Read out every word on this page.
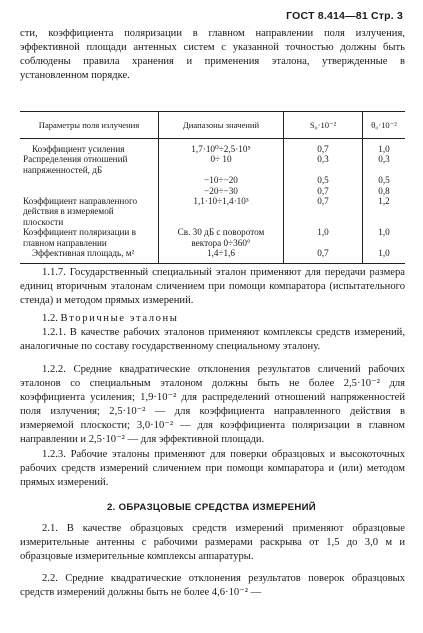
ГОСТ 8.414—81 Стр. 3

сти, коэффициента поляризации в главном направлении поля излучения, эффективной площади антенных систем с указанной точностью должны быть соблюдены правила хранения и применения эталона, утвержденные в установленном порядке.

Параметры поля излучения	Диапазоны значений	S₀·10⁻²	θ₀·10⁻²
Коэффициент усиления	1,7·10⁰÷2,5·10⁵	0,7	1,0
Распределения отношений напряженностей, дБ	0÷ 10	0,3	0,3
	−10÷−20	0,5	0,5
	−20÷−30	0,7	0,8
Коэффициент направленного действия в измеряемой плоскости	1,1·10÷1,4·10³	0,7	1,2
Коэффициент поляризации в главном направлении	Св. 30 дБ с поворотом вектора 0÷360°	1,0	1,0
Эффективная площадь, м²	1,4÷1,6	0,7	1,0

1.1.7. Государственный специальный эталон применяют для передачи размера единиц вторичным эталонам сличением при помощи компаратора (испытательного стенда) и методом прямых измерений.

1.2. Вторичные эталоны

1.2.1. В качестве рабочих эталонов применяют комплексы средств измерений, аналогичные по составу государственному специальному эталону.

1.2.2. Средние квадратические отклонения результатов сличений рабочих эталонов со специальным эталоном должны быть не более 2,5·10⁻² для коэффициента усиления; 1,9·10⁻² для распределений отношений напряженностей поля излучения; 2,5·10⁻² — для коэффициента направленного действия в измеряемой плоскости; 3,0·10⁻² — для коэффициента поляризации в главном направлении и 2,5·10⁻² — для эффективной площади.

1.2.3. Рабочие эталоны применяют для поверки образцовых и высокоточных рабочих средств измерений сличением при помощи компаратора и (или) методом прямых измерений.

2. ОБРАЗЦОВЫЕ СРЕДСТВА ИЗМЕРЕНИЙ

2.1. В качестве образцовых средств измерений применяют образцовые измерительные антенны с рабочими размерами раскрыва от 1,5 до 3,0 м и образцовые измерительные комплексы аппаратуры.

2.2. Средние квадратические отклонения результатов поверок образцовых средств измерений должны быть не более 4,6·10⁻² —
